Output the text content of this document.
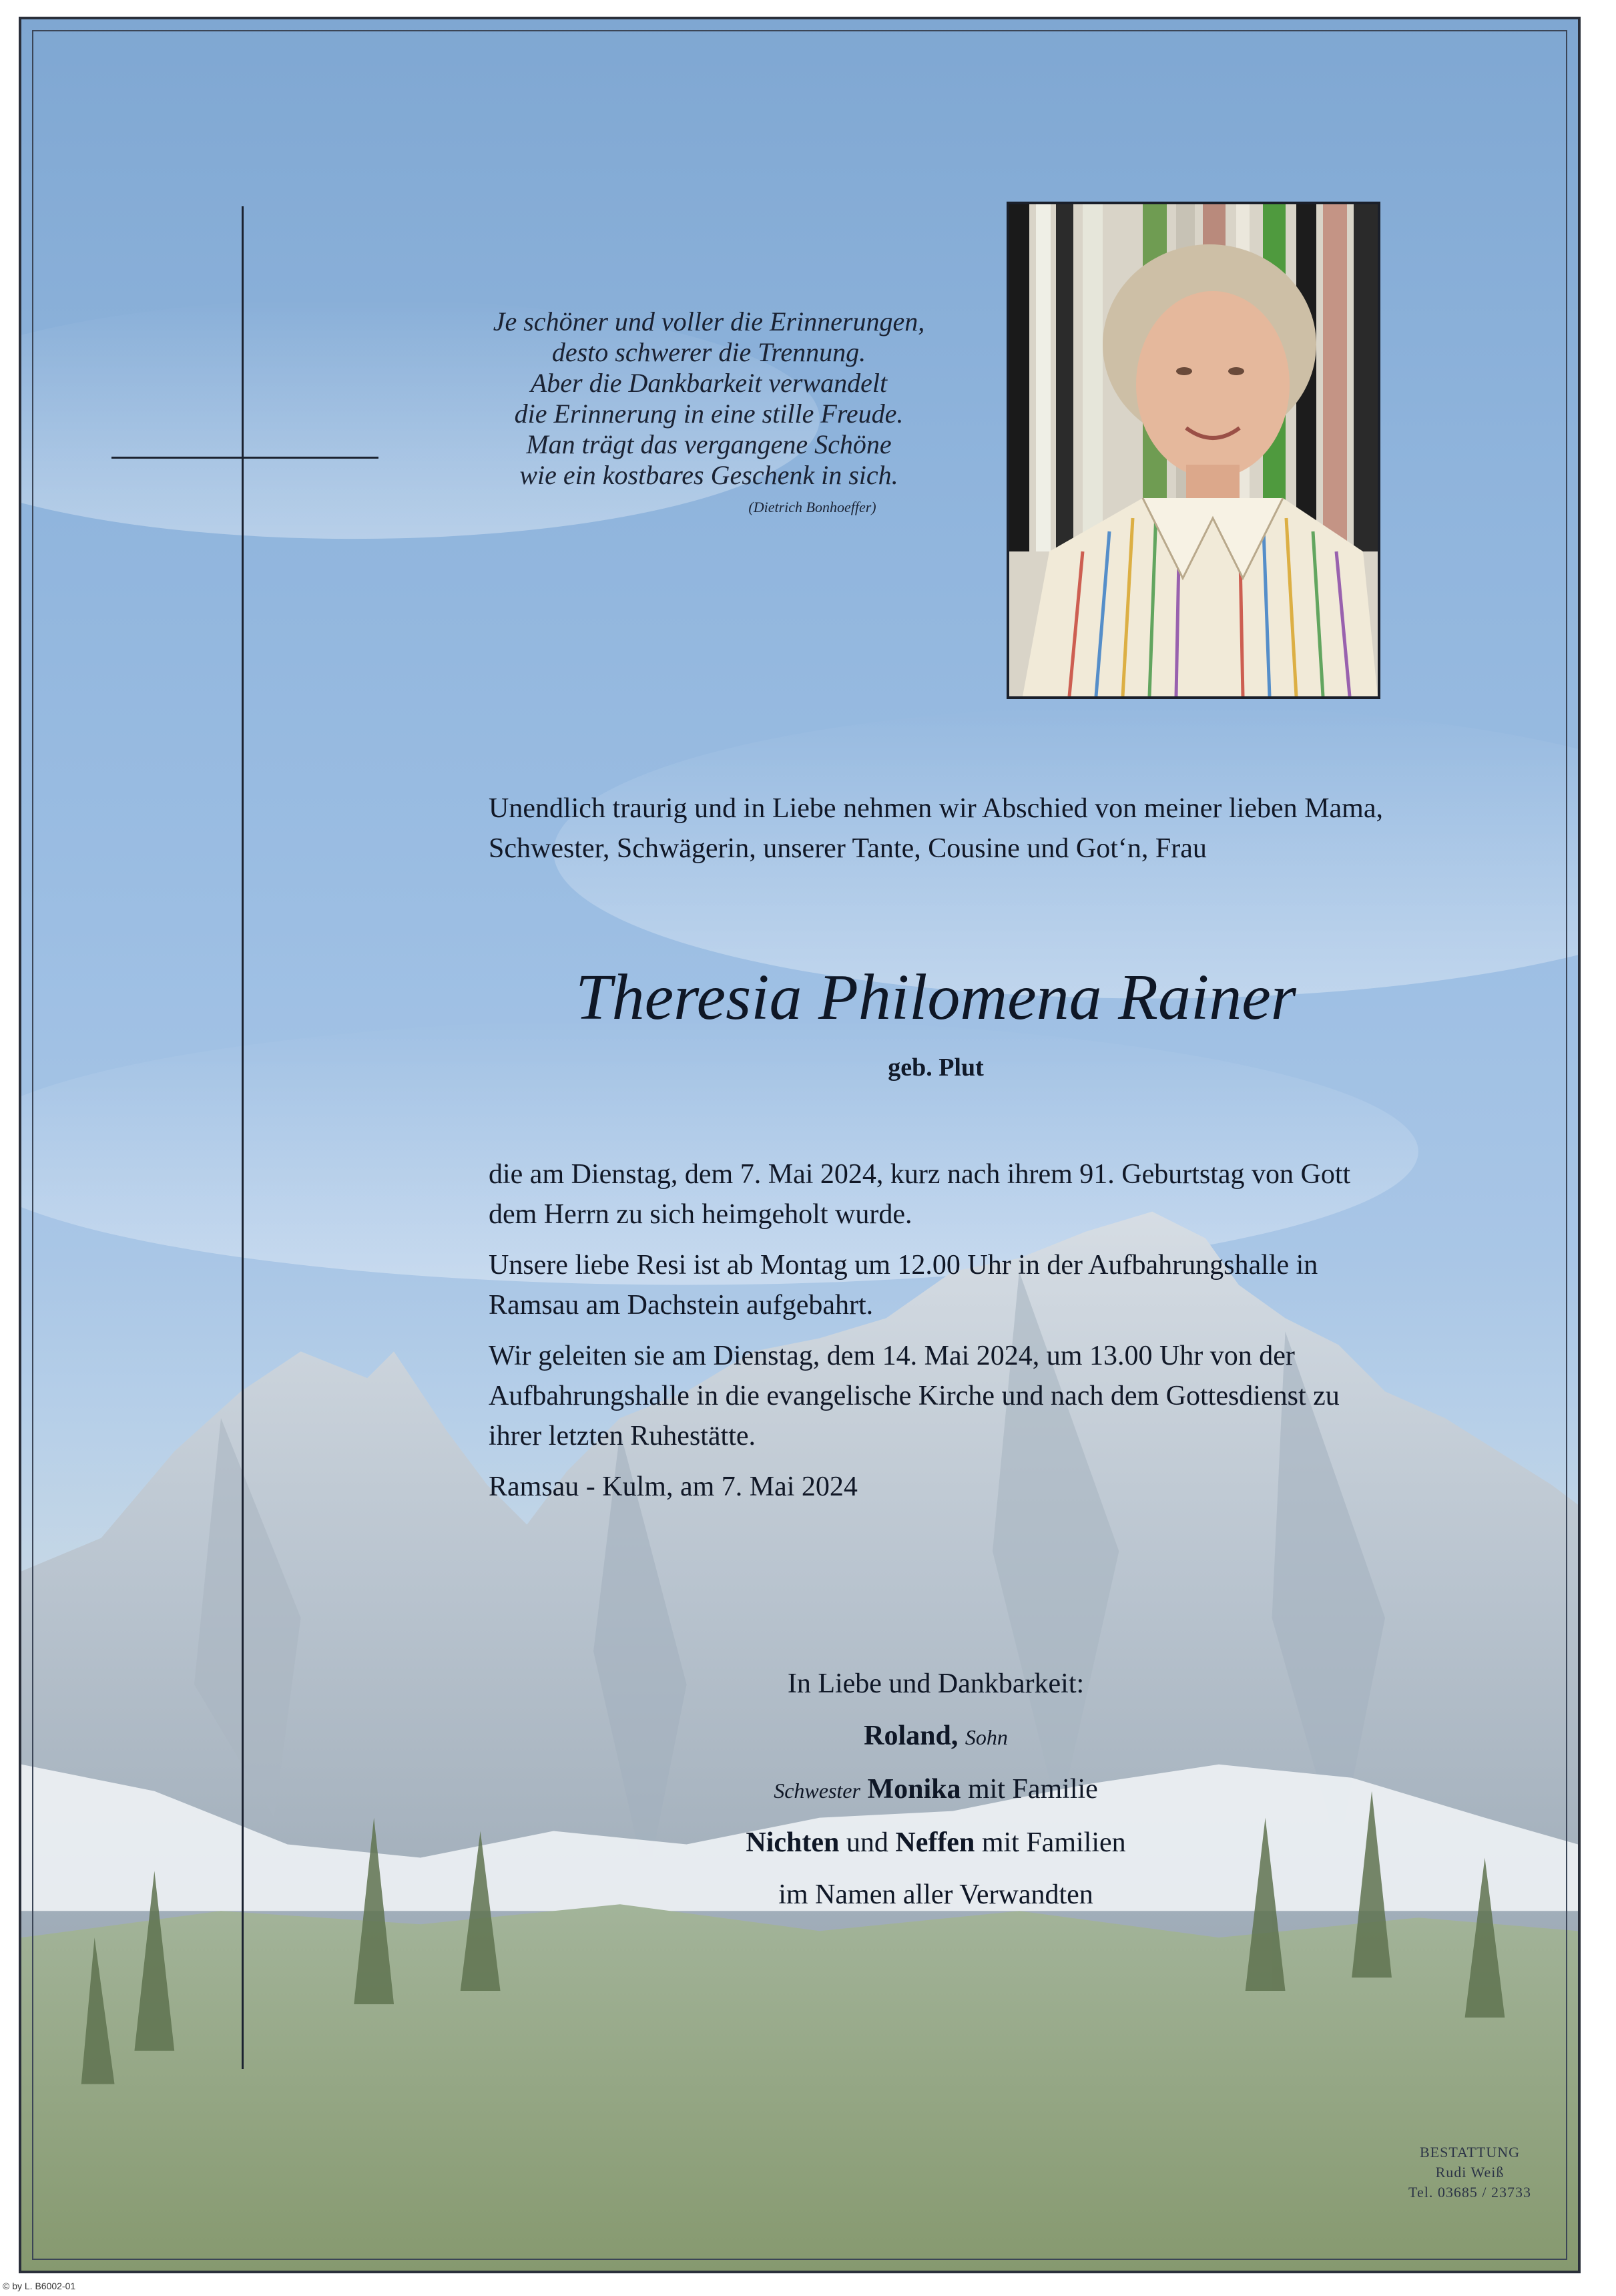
Je schöner und voller die Erinnerungen,
desto schwerer die Trennung.
Aber die Dankbarkeit verwandelt
die Erinnerung in eine stille Freude.
Man trägt das vergangene Schöne
wie ein kostbares Geschenk in sich.
(Dietrich Bonhoeffer)
Unendlich traurig und in Liebe nehmen wir Abschied von meiner lieben Mama, Schwester, Schwägerin, unserer Tante, Cousine und Got‘n, Frau
Theresia Philomena Rainer
geb. Plut

die am Dienstag, dem 7. Mai 2024, kurz nach ihrem 91. Geburtstag von Gott dem Herrn zu sich heimgeholt wurde.

Unsere liebe Resi ist ab Montag um 12.00 Uhr in der Aufbahrungshalle in Ramsau am Dachstein aufgebahrt.

Wir geleiten sie am Dienstag, dem 14. Mai 2024, um 13.00 Uhr von der Aufbahrungshalle in die evangelische Kirche und nach dem Gottesdienst zu ihrer letzten Ruhestätte.

Ramsau - Kulm, am 7. Mai 2024

In Liebe und Dankbarkeit:
Roland, Sohn
Schwester Monika mit Familie
Nichten und Neffen mit Familien
im Namen aller Verwandten
BESTATTUNG
Rudi Weiß
Tel. 03685 / 23733
© by L. B6002-01
